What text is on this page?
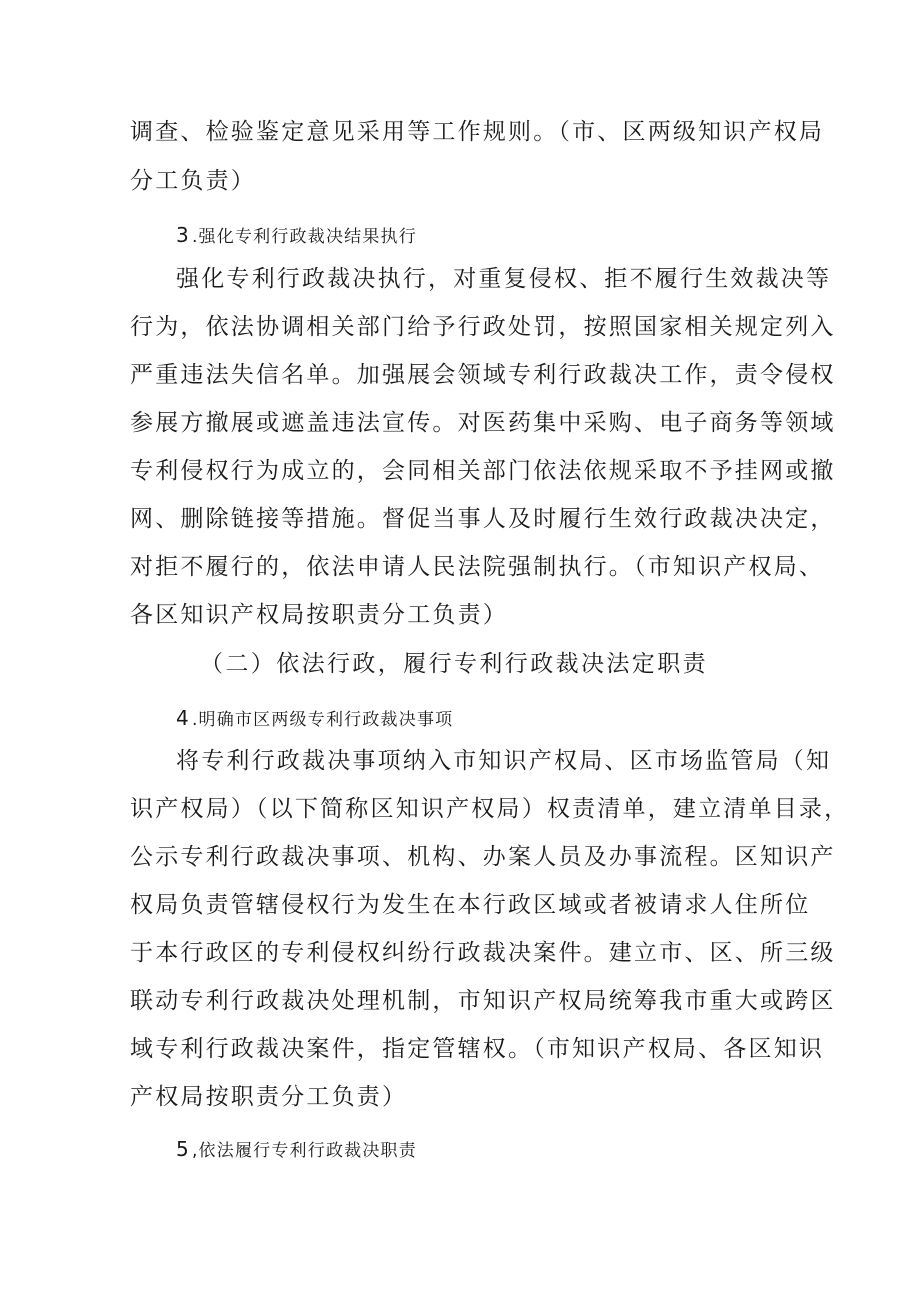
调查、检验鉴定意见采用等工作规则。（市、区两级知识产权局
分工负责）
3 .强化专利行政裁决结果执行
强化专利行政裁决执行，对重复侵权、拒不履行生效裁决等
行为，依法协调相关部门给予行政处罚，按照国家相关规定列入
严重违法失信名单。加强展会领域专利行政裁决工作，责令侵权
参展方撤展或遮盖违法宣传。对医药集中采购、电子商务等领域
专利侵权行为成立的，会同相关部门依法依规采取不予挂网或撤
网、删除链接等措施。督促当事人及时履行生效行政裁决决定，
对拒不履行的，依法申请人民法院强制执行。（市知识产权局、
各区知识产权局按职责分工负责）
（二）依法行政，履行专利行政裁决法定职责
4 .明确市区两级专利行政裁决事项
将专利行政裁决事项纳入市知识产权局、区市场监管局（知
识产权局）（以下简称区知识产权局）权责清单，建立清单目录，
公示专利行政裁决事项、机构、办案人员及办事流程。区知识产
权局负责管辖侵权行为发生在本行政区域或者被请求人住所位
于本行政区的专利侵权纠纷行政裁决案件。建立市、区、所三级
联动专利行政裁决处理机制，市知识产权局统筹我市重大或跨区
域专利行政裁决案件，指定管辖权。（市知识产权局、各区知识
产权局按职责分工负责）
5 ,依法履行专利行政裁决职责
